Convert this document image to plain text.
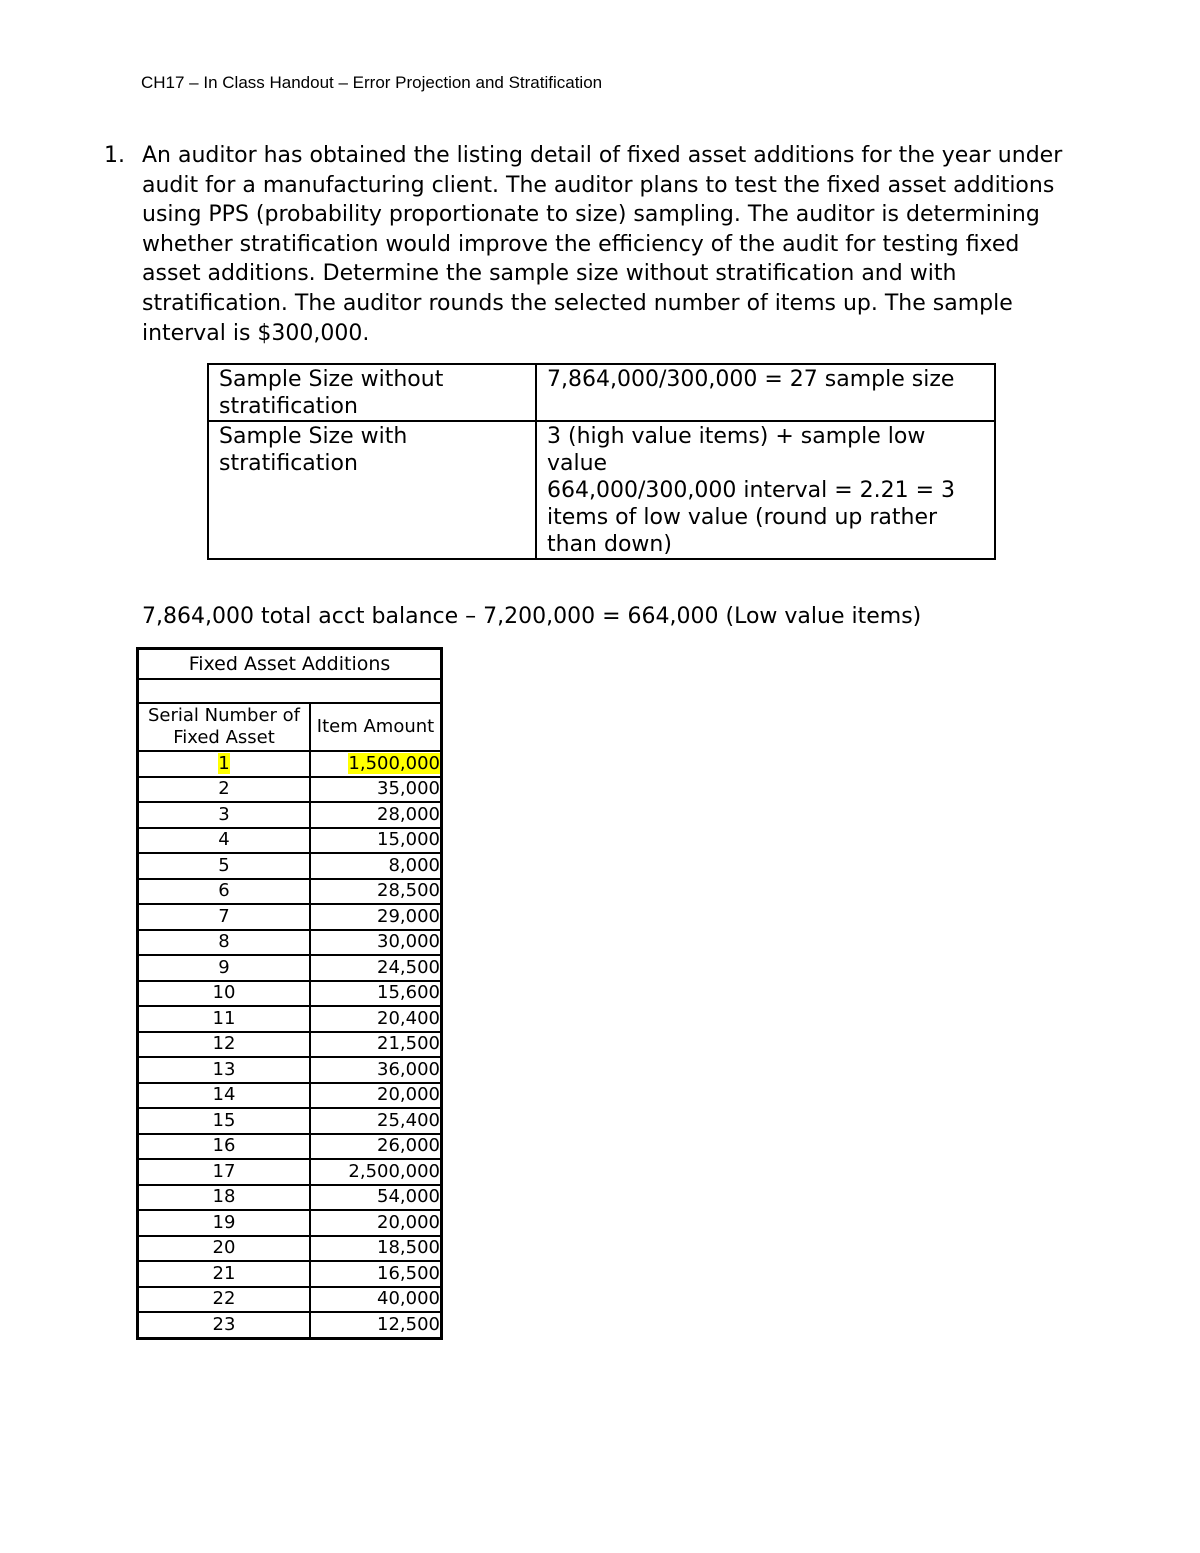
CH17 – In Class Handout – Error Projection and Stratification
1. An auditor has obtained the listing detail of fixed asset additions for the year under audit for a manufacturing client. The auditor plans to test the fixed asset additions using PPS (probability proportionate to size) sampling. The auditor is determining whether stratification would improve the efficiency of the audit for testing fixed asset additions. Determine the sample size without stratification and with stratification. The auditor rounds the selected number of items up. The sample interval is $300,000.
Sample Size without stratification	7,864,000/300,000 = 27 sample size

Sample Size with stratification	3 (high value items) + sample low value
664,000/300,000 interval = 2.21 = 3 items of low value (round up rather than down)
7,864,000 total acct balance – 7,200,000 = 664,000 (Low value items)
Fixed Asset Additions	

Serial Number of Fixed Asset	Item Amount
1	1,500,000
2	35,000
3	28,000
4	15,000
5	8,000
6	28,500
7	29,000
8	30,000
9	24,500
10	15,600
11	20,400
12	21,500
13	36,000
14	20,000
15	25,400
16	26,000
17	2,500,000
18	54,000
19	20,000
20	18,500
21	16,500
22	40,000
23	12,500
